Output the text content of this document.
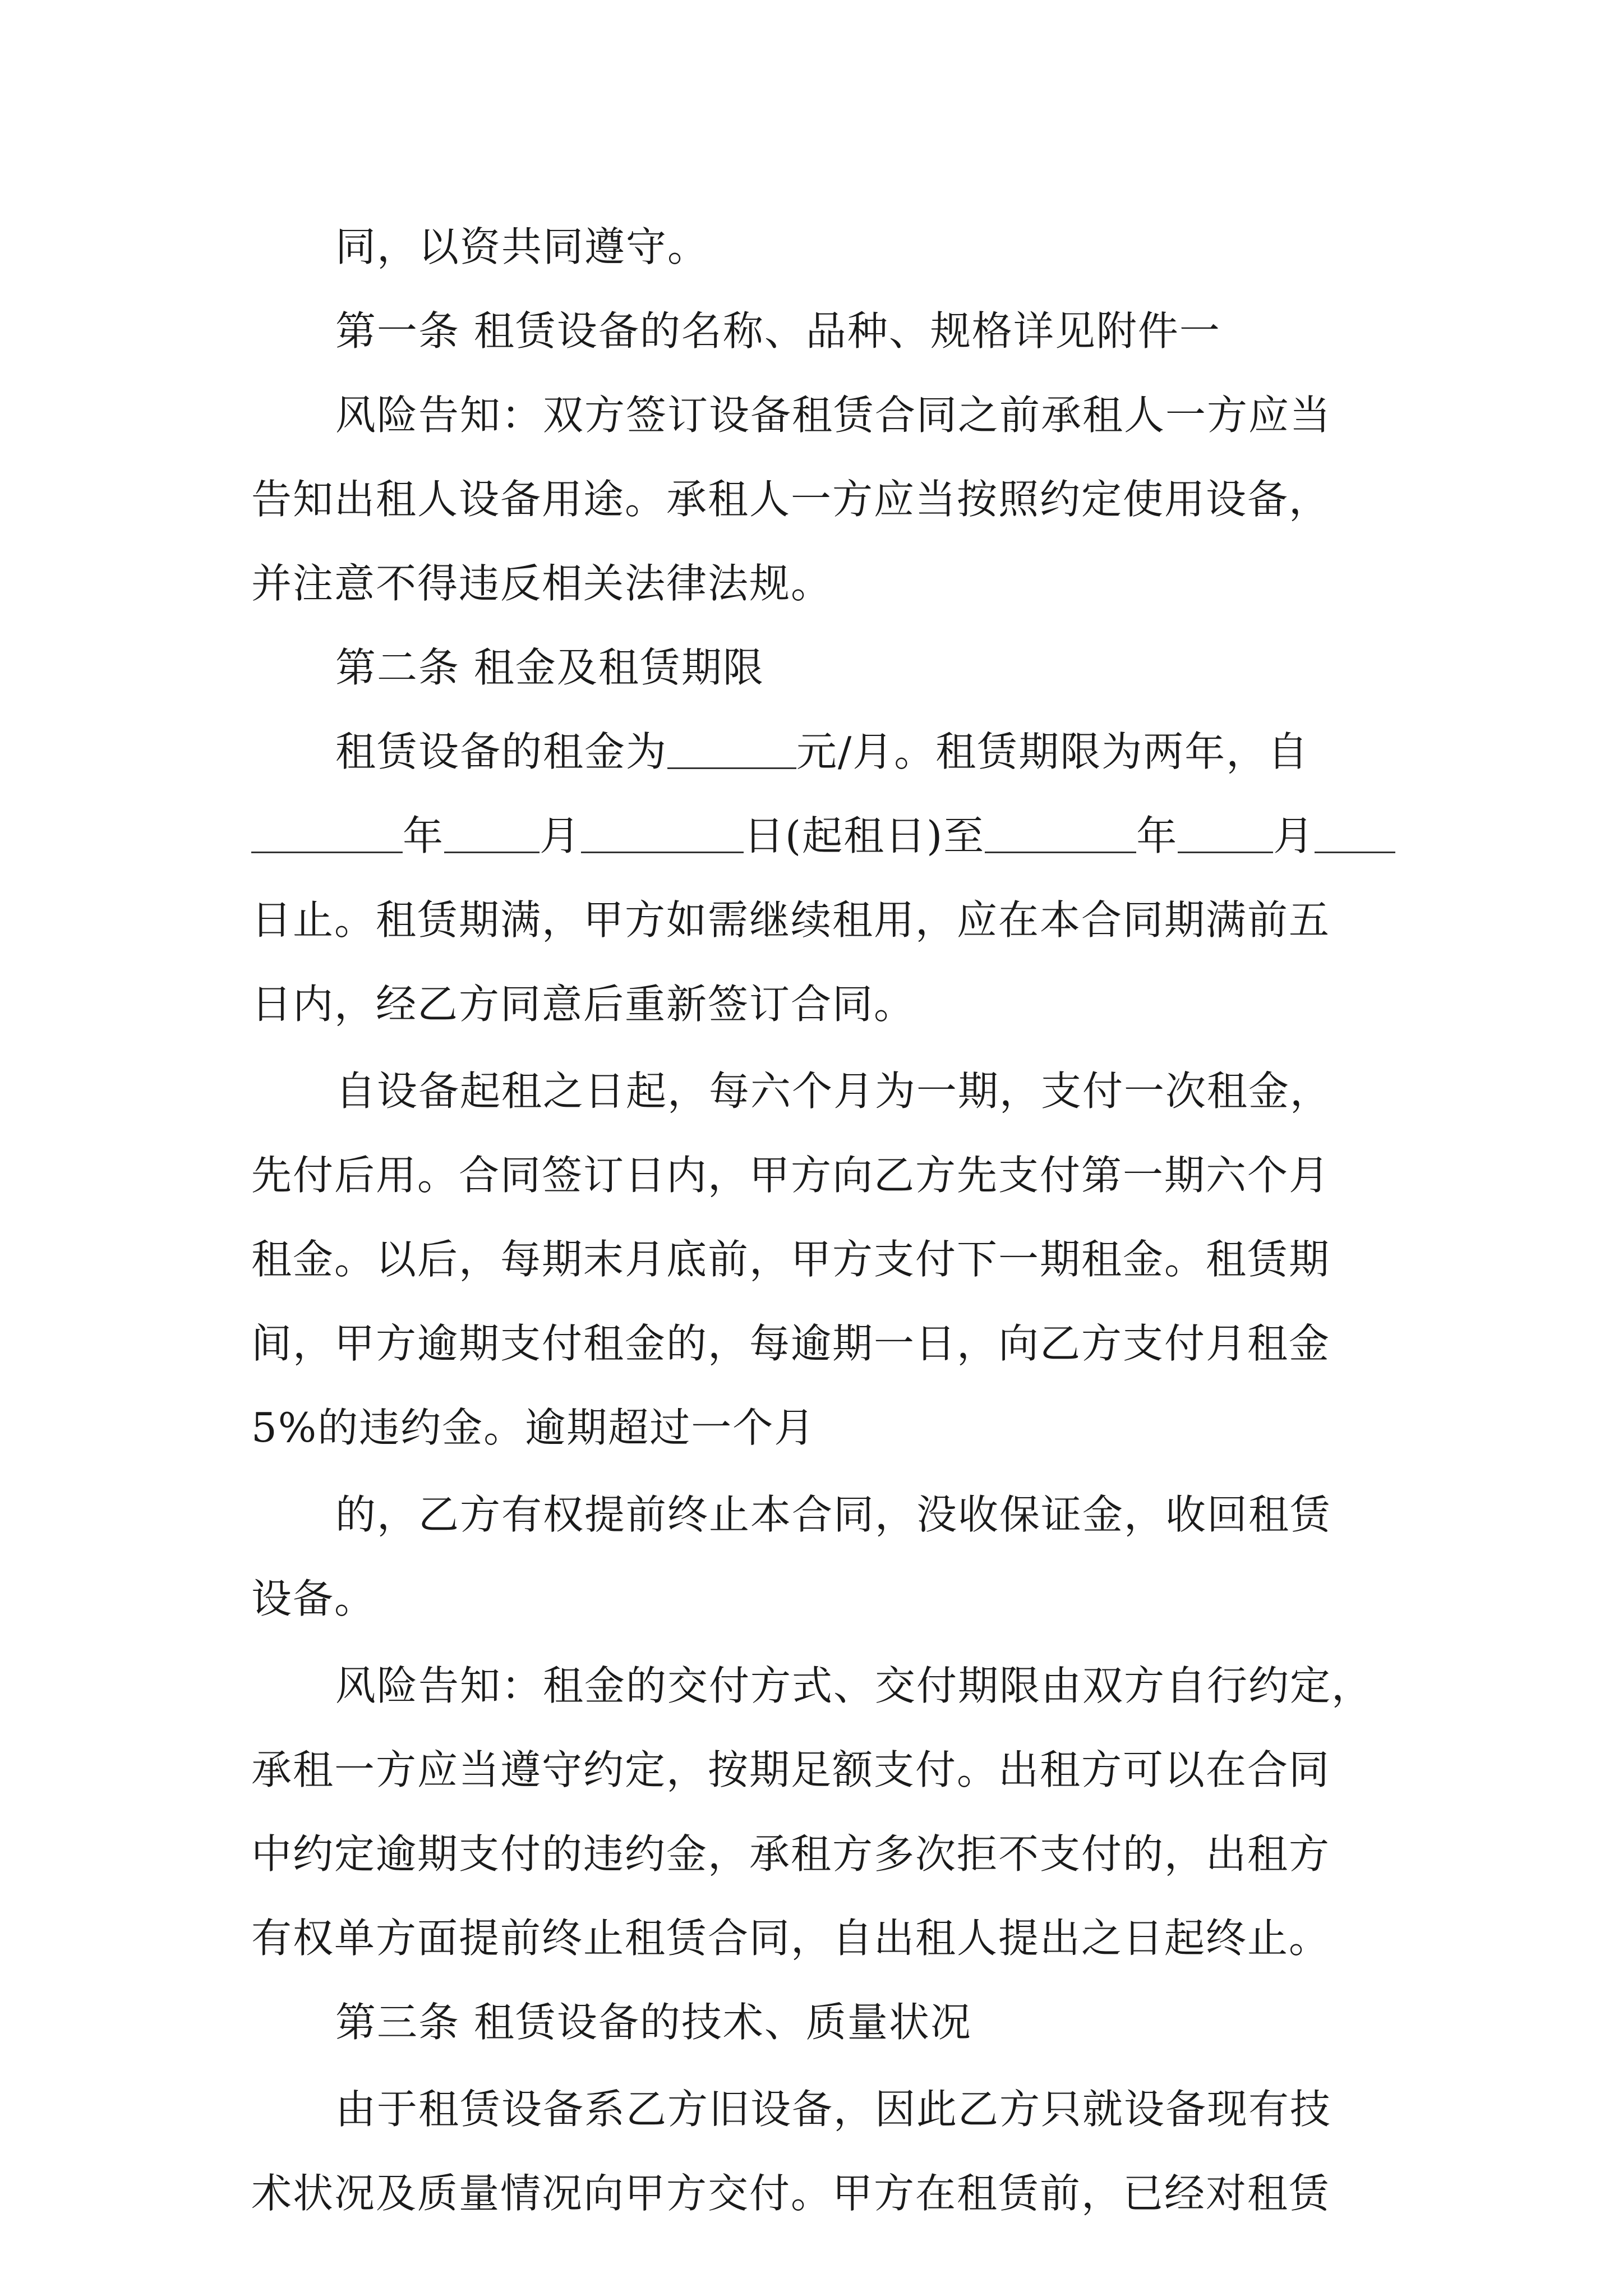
同，以资共同遵守。
第一条 租赁设备的名称、品种、规格详见附件一
风险告知：双方签订设备租赁合同之前承租人一方应当
告知出租人设备用途。承租人一方应当按照约定使用设备，
并注意不得违反相关法律法规。
第二条 租金及租赁期限
租赁设备的租金为	元/月。租赁期限为两年，自
年 月	日(起租日)至	年 月
日止。租赁期满，甲方如需继续租用，应在本合同期满前五
日内，经乙方同意后重新签订合同。
自设备起租之日起，每六个月为一期，支付一次租金，
先付后用。合同签订日内，甲方向乙方先支付第一期六个月
租金。以后，每期末月底前，甲方支付下一期租金。租赁期
间，甲方逾期支付租金的，每逾期一日，向乙方支付月租金
5%的违约金。逾期超过一个月
的，乙方有权提前终止本合同，没收保证金，收回租赁
设备。
风险告知：租金的交付方式、交付期限由双方自行约定，
承租一方应当遵守约定，按期足额支付。出租方可以在合同
中约定逾期支付的违约金，承租方多次拒不支付的，出租方
有权单方面提前终止租赁合同，自出租人提出之日起终止。
第三条 租赁设备的技术、质量状况
由于租赁设备系乙方旧设备，因此乙方只就设备现有技
术状况及质量情况向甲方交付。甲方在租赁前，已经对租赁
